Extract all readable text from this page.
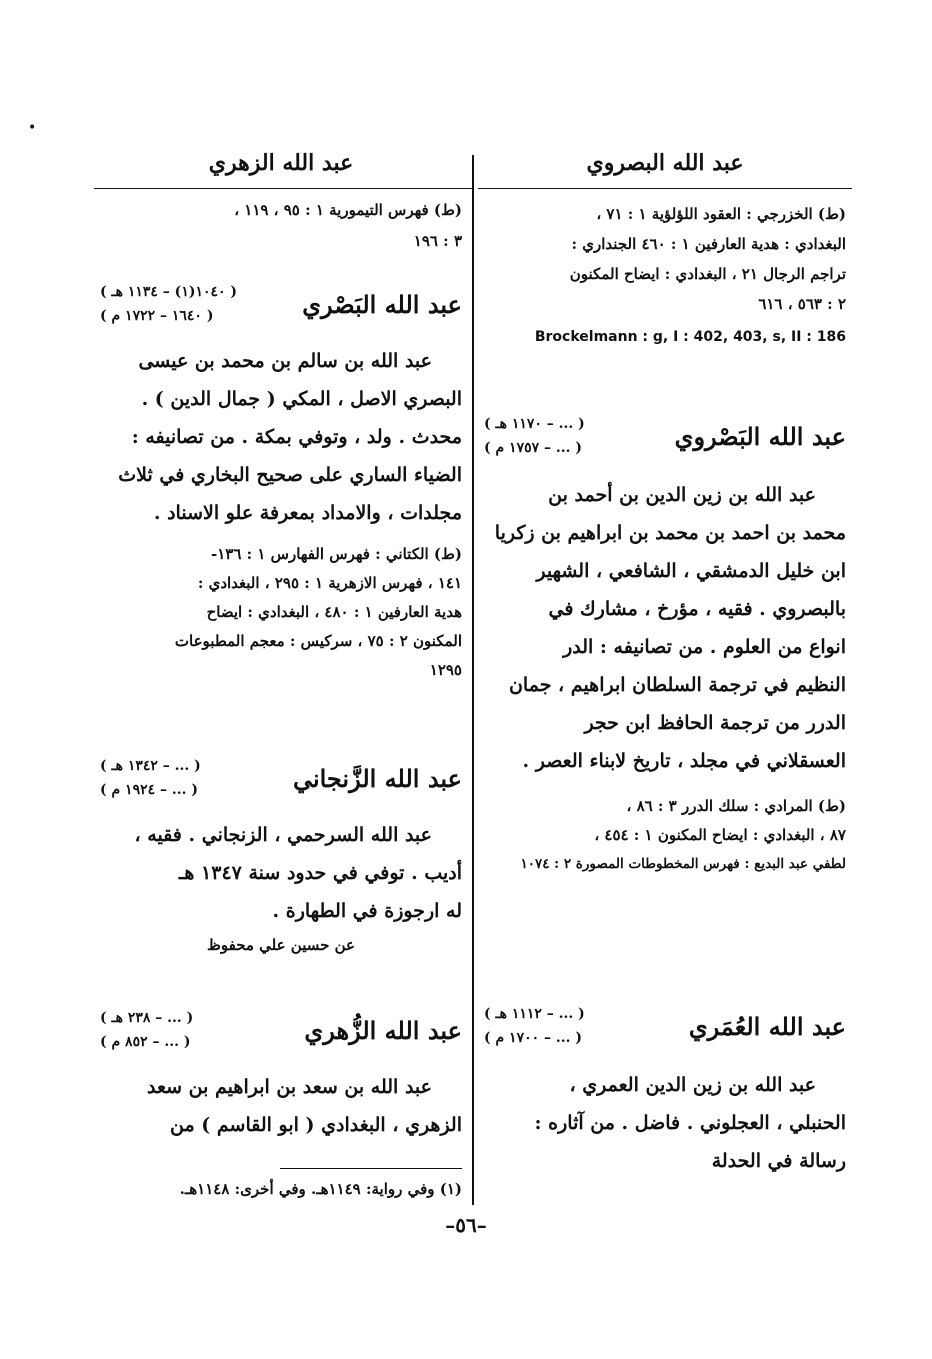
•
عبد الله البصروي
(ط) الخزرجي : العقود اللؤلؤية ١ : ٧١ ،
البغدادي : هدية العارفين ١ : ٤٦٠ الجنداري :
تراجم الرجال ٢١ ، البغدادي : ايضاح المكنون
٢ : ٥٦٣ ، ٦١٦
Brockelmann : g, I : 402, 403, s, II : 186
عبد الله البَصْروي
( ... – ١١٧٠ هـ )
( ... – ١٧٥٧ م )
عبد الله بن زين الدين بن أحمد بن
محمد بن احمد بن محمد بن ابراهيم بن زكريا
ابن خليل الدمشقي ، الشافعي ، الشهير
بالبصروي . فقيه ، مؤرخ ، مشارك في
انواع من العلوم . من تصانيفه : الدر
النظيم في ترجمة السلطان ابراهيم ، جمان
الدرر من ترجمة الحافظ ابن حجر
العسقلاني في مجلد ، تاريخ لابناء العصر .
(ط) المرادي : سلك الدرر ٣ : ٨٦ ،
٨٧ ، البغدادي : ايضاح المكنون ١ : ٤٥٤ ،
لطفي عبد البديع : فهرس المخطوطات المصورة ٢ : ١٠٧٤
عبد الله العُمَري
( ... – ١١١٢ هـ )
( ... – ١٧٠٠ م )
عبد الله بن زين الدين العمري ،
الحنبلي ، العجلوني . فاضل . من آثاره :
رسالة في الحدلة
عبد الله الزهري
(ط) فهرس التيمورية ١ : ٩٥ ، ١١٩ ،
٣ : ١٩٦
عبد الله البَصْري
( ١٠٤٠(١) – ١١٣٤ هـ )
( ١٦٤٠ – ١٧٢٢ م )
عبد الله بن سالم بن محمد بن عيسى
البصري الاصل ، المكي ( جمال الدين ) .
محدث . ولد ، وتوفي بمكة . من تصانيفه :
الضياء الساري على صحيح البخاري في ثلاث
مجلدات ، والامداد بمعرفة علو الاسناد .
(ط) الكتاني : فهرس الفهارس ١ : ١٣٦-
١٤١ ، فهرس الازهرية ١ : ٢٩٥ ، البغدادي :
هدية العارفين ١ : ٤٨٠ ، البغدادي : ايضاح
المكنون ٢ : ٧٥ ، سركيس : معجم المطبوعات
١٢٩٥
عبد الله الزَّنجاني
( ... – ١٣٤٢ هـ )
( ... – ١٩٢٤ م )
عبد الله السرحمي ، الزنجاني . فقيه ،
أديب . توفي في حدود سنة ١٣٤٧ هـ
له ارجوزة في الطهارة .
عن حسين علي محفوظ
عبد الله الزُّهري
( ... – ٢٣٨ هـ )
( ... – ٨٥٢ م )
عبد الله بن سعد بن ابراهيم بن سعد
الزهري ، البغدادي ( ابو القاسم ) من
(١) وفي رواية: ١١٤٩هـ. وفي أخرى: ١١٤٨هـ.
–٥٦–
